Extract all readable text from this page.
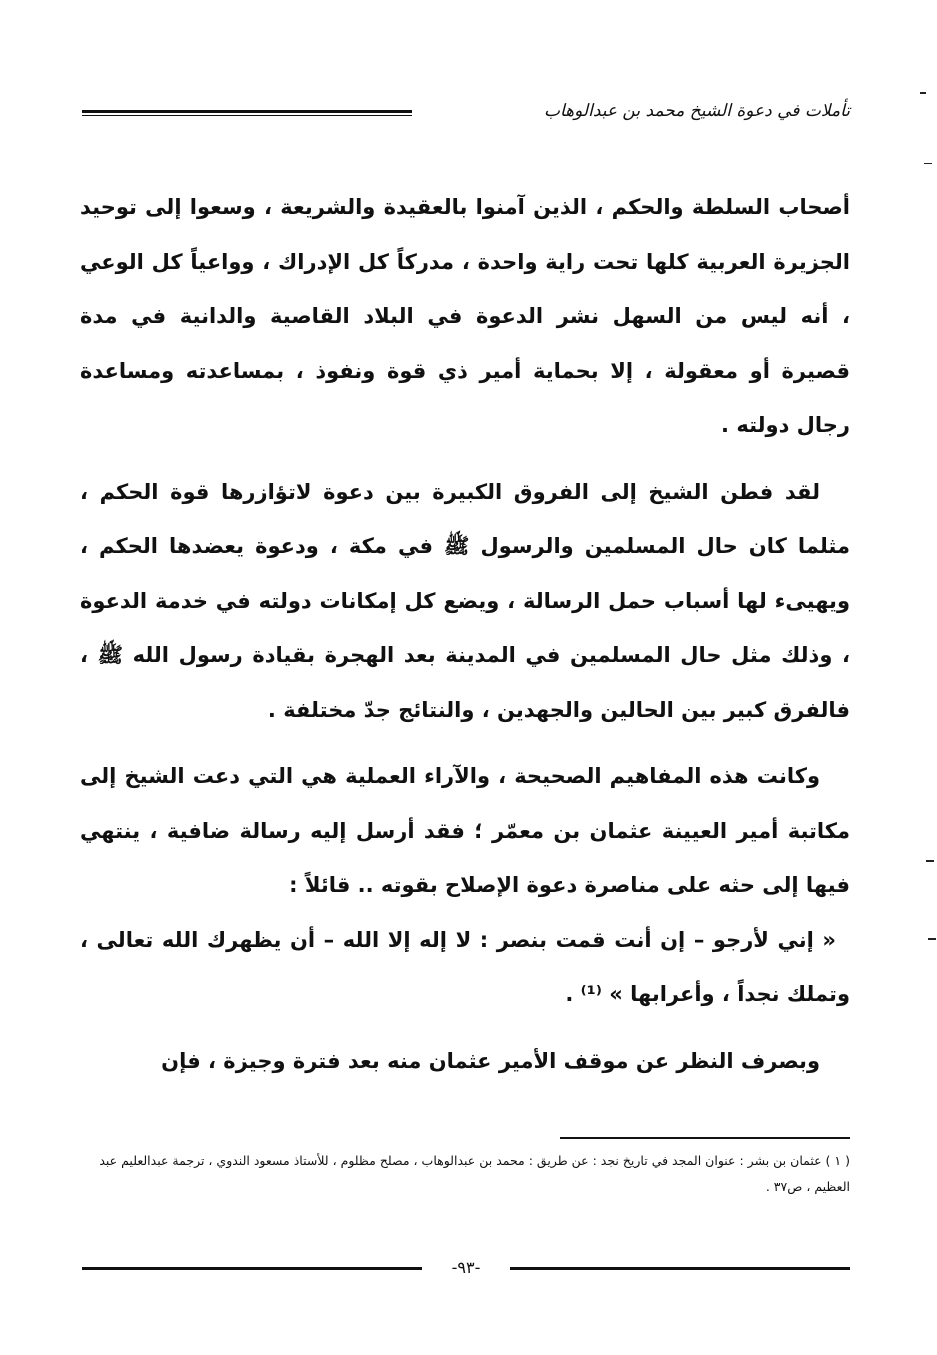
تأملات في دعوة الشيخ محمد بن عبدالوهاب

أصحاب السلطة والحكم ، الذين آمنوا بالعقيدة والشريعة ، وسعوا إلى توحيد الجزيرة العربية كلها تحت راية واحدة ، مدركاً كل الإدراك ، وواعياً كل الوعي ، أنه ليس من السهل نشر الدعوة في البلاد القاصية والدانية في مدة قصيرة أو معقولة ، إلا بحماية أمير ذي قوة ونفوذ ، بمساعدته ومساعدة رجال دولته .

لقد فطن الشيخ إلى الفروق الكبيرة بين دعوة لاتؤازرها قوة الحكم ، مثلما كان حال المسلمين والرسول ﷺ في مكة ، ودعوة يعضدها الحكم ، ويهيىء لها أسباب حمل الرسالة ، ويضع كل إمكانات دولته في خدمة الدعوة ، وذلك مثل حال المسلمين في المدينة بعد الهجرة بقيادة رسول الله ﷺ ، فالفرق كبير بين الحالين والجهدين ، والنتائج جدّ مختلفة .

وكانت هذه المفاهيم الصحيحة ، والآراء العملية هي التي دعت الشيخ إلى مكاتبة أمير العيينة عثمان بن معمّر ؛ فقد أرسل إليه رسالة ضافية ، ينتهي فيها إلى حثه على مناصرة دعوة الإصلاح بقوته .. قائلاً :

« إني لأرجو – إن أنت قمت بنصر : لا إله إلا الله – أن يظهرك الله تعالى ، وتملك نجداً ، وأعرابها » ⁽¹⁾ .

وبصرف النظر عن موقف الأمير عثمان منه بعد فترة وجيزة ، فإن

( ١ ) عثمان بن بشر : عنوان المجد في تاريخ نجد : عن طريق : محمد بن عبدالوهاب ، مصلح مظلوم ، للأستاذ مسعود الندوي ، ترجمة عبدالعليم عبد العظيم ، ص٣٧ .
-٩٣-
